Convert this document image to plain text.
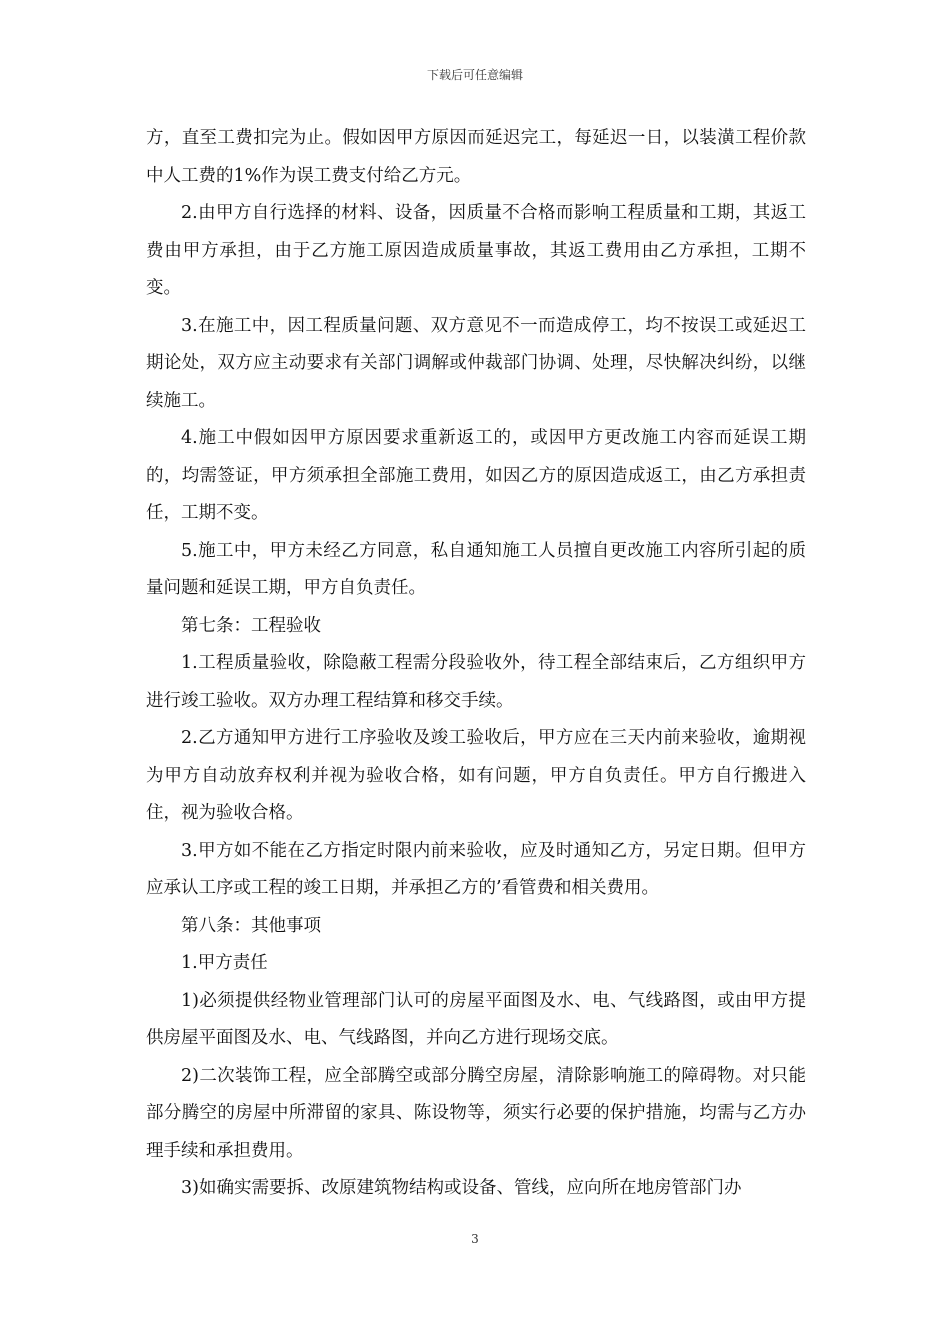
下载后可任意编辑

方，直至工费扣完为止。假如因甲方原因而延迟完工，每延迟一日，以装潢工程价款中人工费的1%作为误工费支付给乙方元。

2.由甲方自行选择的材料、设备，因质量不合格而影响工程质量和工期，其返工费由甲方承担，由于乙方施工原因造成质量事故，其返工费用由乙方承担，工期不变。

3.在施工中，因工程质量问题、双方意见不一而造成停工，均不按误工或延迟工期论处，双方应主动要求有关部门调解或仲裁部门协调、处理，尽快解决纠纷，以继续施工。

4.施工中假如因甲方原因要求重新返工的，或因甲方更改施工内容而延误工期的，均需签证，甲方须承担全部施工费用，如因乙方的原因造成返工，由乙方承担责任，工期不变。

5.施工中，甲方未经乙方同意，私自通知施工人员擅自更改施工内容所引起的质量问题和延误工期，甲方自负责任。

第七条：工程验收

1.工程质量验收，除隐蔽工程需分段验收外，待工程全部结束后，乙方组织甲方进行竣工验收。双方办理工程结算和移交手续。

2.乙方通知甲方进行工序验收及竣工验收后，甲方应在三天内前来验收，逾期视为甲方自动放弃权利并视为验收合格，如有问题，甲方自负责任。甲方自行搬进入住，视为验收合格。

3.甲方如不能在乙方指定时限内前来验收，应及时通知乙方，另定日期。但甲方应承认工序或工程的竣工日期，并承担乙方的’看管费和相关费用。

第八条：其他事项

1.甲方责任

1)必须提供经物业管理部门认可的房屋平面图及水、电、气线路图，或由甲方提供房屋平面图及水、电、气线路图，并向乙方进行现场交底。

2)二次装饰工程，应全部腾空或部分腾空房屋，清除影响施工的障碍物。对只能部分腾空的房屋中所滞留的家具、陈设物等，须实行必要的保护措施，均需与乙方办理手续和承担费用。

3)如确实需要拆、改原建筑物结构或设备、管线，应向所在地房管部门办

3
